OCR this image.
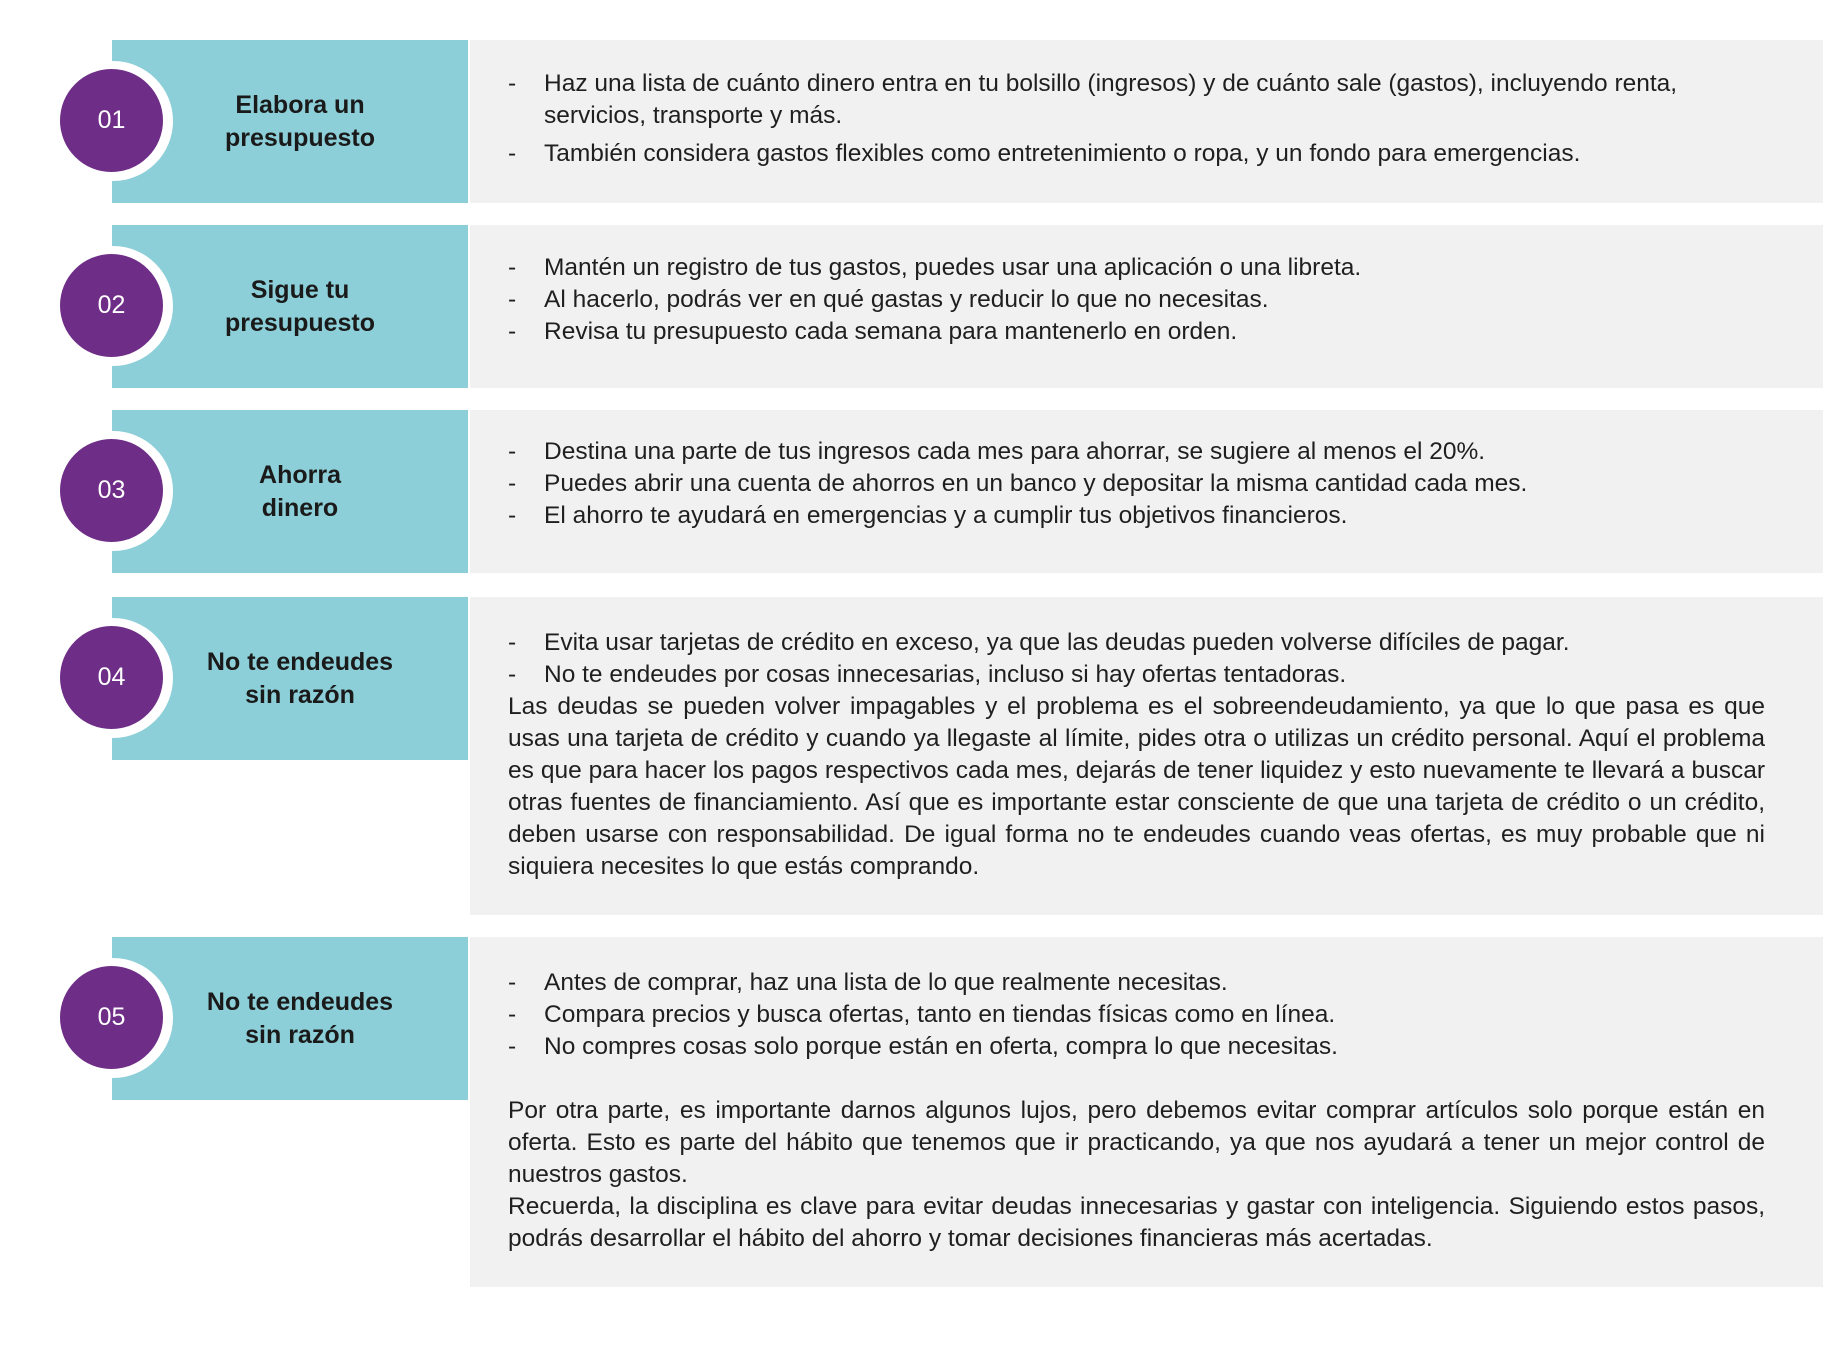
Elabora un
presupuesto
01
- Haz una lista de cuánto dinero entra en tu bolsillo (ingresos) y de cuánto sale (gastos), incluyendo renta, servicios, transporte y más.
- También considera gastos flexibles como entretenimiento o ropa, y un fondo para emergencias.
Sigue tu
presupuesto
02
- Mantén un registro de tus gastos, puedes usar una aplicación o una libreta.
- Al hacerlo, podrás ver en qué gastas y reducir lo que no necesitas.
- Revisa tu presupuesto cada semana para mantenerlo en orden.
Ahorra
dinero
03
- Destina una parte de tus ingresos cada mes para ahorrar, se sugiere al menos el 20%.
- Puedes abrir una cuenta de ahorros en un banco y depositar la misma cantidad cada mes.
- El ahorro te ayudará en emergencias y a cumplir tus objetivos financieros.
No te endeudes
sin razón
04
- Evita usar tarjetas de crédito en exceso, ya que las deudas pueden volverse difíciles de pagar.
- No te endeudes por cosas innecesarias, incluso si hay ofertas tentadoras.

Las deudas se pueden volver impagables y el problema es el sobreendeudamiento, ya que lo que pasa es que usas una tarjeta de crédito y cuando ya llegaste al límite, pides otra o utilizas un crédito personal. Aquí el problema es que para hacer los pagos respectivos cada mes, dejarás de tener liquidez y esto nuevamente te llevará a buscar otras fuentes de financiamiento. Así que es importante estar consciente de que una tarjeta de crédito o un crédito, deben usarse con responsabilidad. De igual forma no te endeudes cuando veas ofertas, es muy probable que ni siquiera necesites lo que estás comprando.

No te endeudes
sin razón
05
- Antes de comprar, haz una lista de lo que realmente necesitas.
- Compara precios y busca ofertas, tanto en tiendas físicas como en línea.
- No compres cosas solo porque están en oferta, compra lo que necesitas.

Por otra parte, es importante darnos algunos lujos, pero debemos evitar comprar artículos solo porque están en oferta. Esto es parte del hábito que tenemos que ir practicando, ya que nos ayudará a tener un mejor control de nuestros gastos.

Recuerda, la disciplina es clave para evitar deudas innecesarias y gastar con inteligencia. Siguiendo estos pasos, podrás desarrollar el hábito del ahorro y tomar decisiones financieras más acertadas.
